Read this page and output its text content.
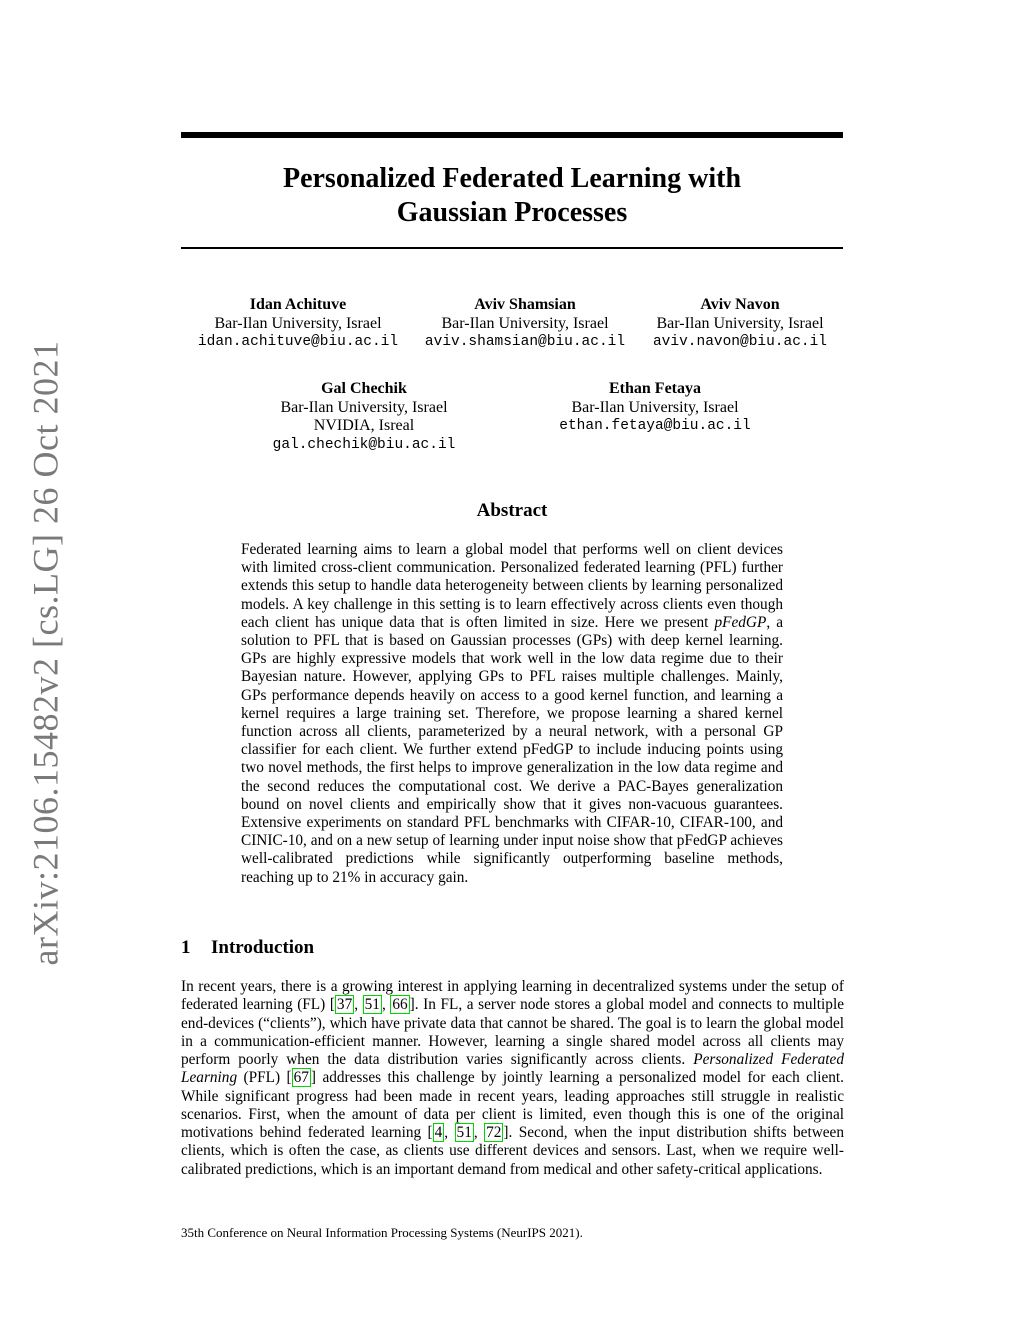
arXiv:2106.15482v2 [cs.LG] 26 Oct 2021
Personalized Federated Learning with
Gaussian Processes
Idan Achituve
Bar-Ilan University, Israel
idan.achituve@biu.ac.il
Aviv Shamsian
Bar-Ilan University, Israel
aviv.shamsian@biu.ac.il
Aviv Navon
Bar-Ilan University, Israel
aviv.navon@biu.ac.il
Gal Chechik
Bar-Ilan University, Israel
NVIDIA, Isreal
gal.chechik@biu.ac.il
Ethan Fetaya
Bar-Ilan University, Israel
ethan.fetaya@biu.ac.il
Abstract

Federated learning aims to learn a global model that performs well on client devices with limited cross-client communication. Personalized federated learning (PFL) further extends this setup to handle data heterogeneity between clients by learning personalized models. A key challenge in this setting is to learn effectively across clients even though each client has unique data that is often limited in size. Here we present pFedGP, a solution to PFL that is based on Gaussian processes (GPs) with deep kernel learning. GPs are highly expressive models that work well in the low data regime due to their Bayesian nature. However, applying GPs to PFL raises multiple challenges. Mainly, GPs performance depends heavily on access to a good kernel function, and learning a kernel requires a large training set. Therefore, we propose learning a shared kernel function across all clients, parameterized by a neural network, with a personal GP classifier for each client. We further extend pFedGP to include inducing points using two novel methods, the first helps to improve generalization in the low data regime and the second reduces the computational cost. We derive a PAC-Bayes generalization bound on novel clients and empirically show that it gives non-vacuous guarantees. Extensive experiments on standard PFL benchmarks with CIFAR-10, CIFAR-100, and CINIC-10, and on a new setup of learning under input noise show that pFedGP achieves well-calibrated predictions while significantly outperforming baseline methods, reaching up to 21% in accuracy gain.

1 Introduction

In recent years, there is a growing interest in applying learning in decentralized systems under the setup of federated learning (FL) [ 37 , 51 , 66 ]. In FL, a server node stores a global model and connects to multiple end-devices (“clients”), which have private data that cannot be shared. The goal is to learn the global model in a communication-efficient manner. However, learning a single shared model across all clients may perform poorly when the data distribution varies significantly across clients. Personalized Federated Learning (PFL) [ 67 ] addresses this challenge by jointly learning a personalized model for each client. While significant progress had been made in recent years, leading approaches still struggle in realistic scenarios. First, when the amount of data per client is limited, even though this is one of the original motivations behind federated learning [ 4 , 51 , 72 ]. Second, when the input distribution shifts between clients, which is often the case, as clients use different devices and sensors. Last, when we require well-calibrated predictions, which is an important demand from medical and other safety-critical applications.

35th Conference on Neural Information Processing Systems (NeurIPS 2021).
